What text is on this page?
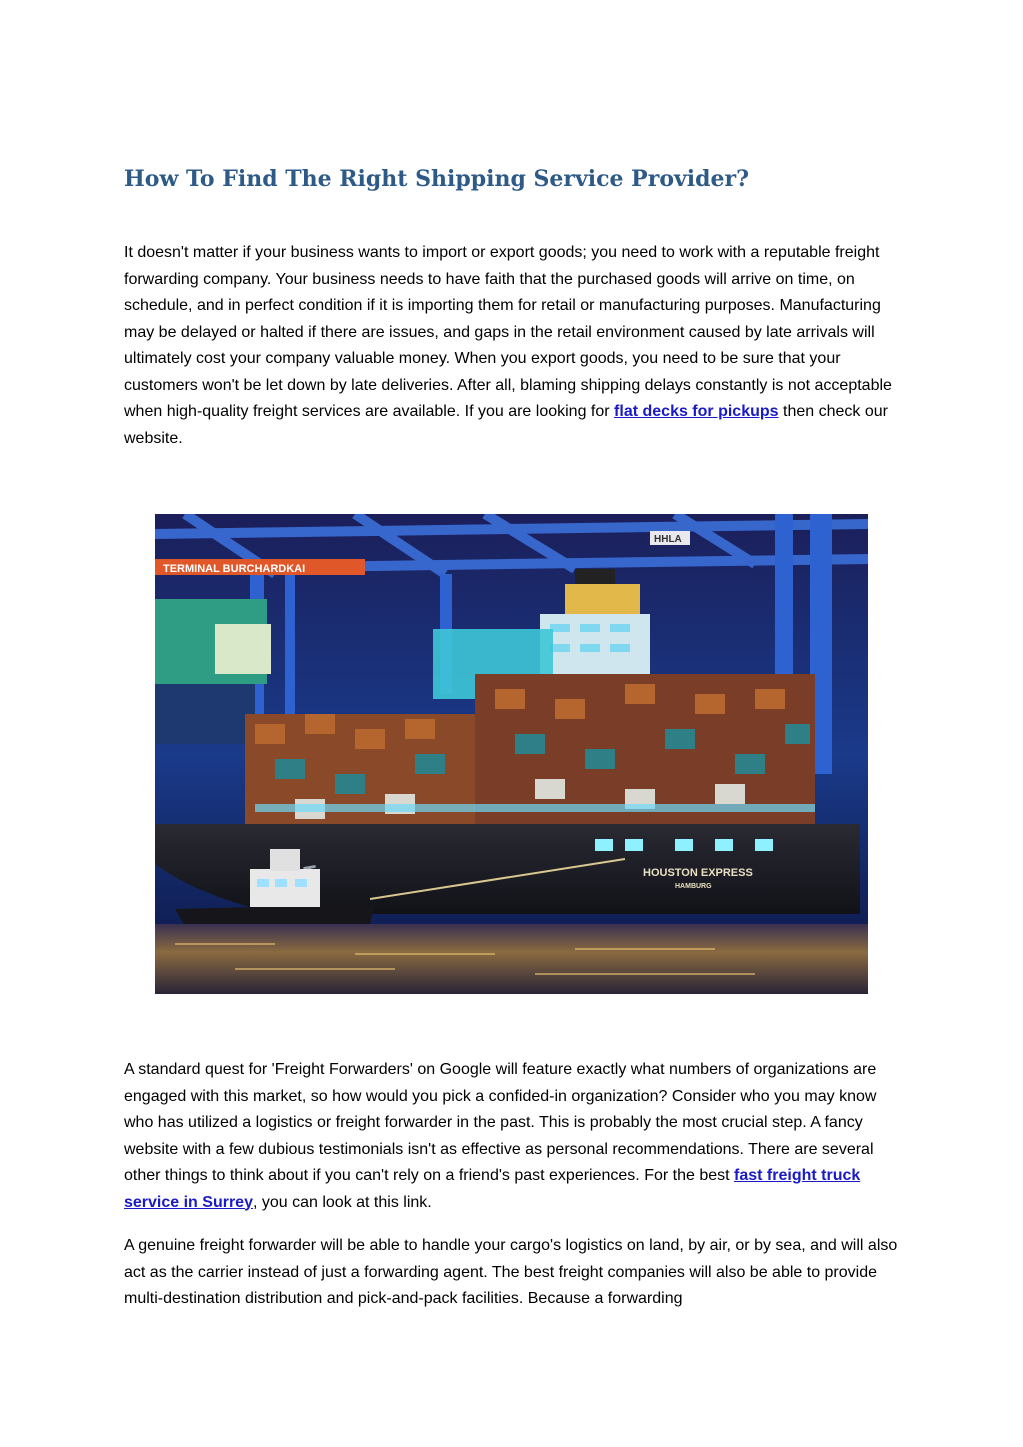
How To Find The Right Shipping Service Provider?

It doesn't matter if your business wants to import or export goods; you need to work with a reputable freight forwarding company. Your business needs to have faith that the purchased goods will arrive on time, on schedule, and in perfect condition if it is importing them for retail or manufacturing purposes. Manufacturing may be delayed or halted if there are issues, and gaps in the retail environment caused by late arrivals will ultimately cost your company valuable money. When you export goods, you need to be sure that your customers won't be let down by late deliveries. After all, blaming shipping delays constantly is not acceptable when high-quality freight services are available. If you are looking for flat decks for pickups then check our website.

TERMINAL BURCHARDKAI
HHLA
HOUSTON EXPRESS
HAMBURG

A standard quest for 'Freight Forwarders' on Google will feature exactly what numbers of organizations are engaged with this market, so how would you pick a confided-in organization? Consider who you may know who has utilized a logistics or freight forwarder in the past. This is probably the most crucial step. A fancy website with a few dubious testimonials isn't as effective as personal recommendations. There are several other things to think about if you can't rely on a friend's past experiences. For the best fast freight truck service in Surrey, you can look at this link.

A genuine freight forwarder will be able to handle your cargo's logistics on land, by air, or by sea, and will also act as the carrier instead of just a forwarding agent. The best freight companies will also be able to provide multi-destination distribution and pick-and-pack facilities. Because a forwarding
